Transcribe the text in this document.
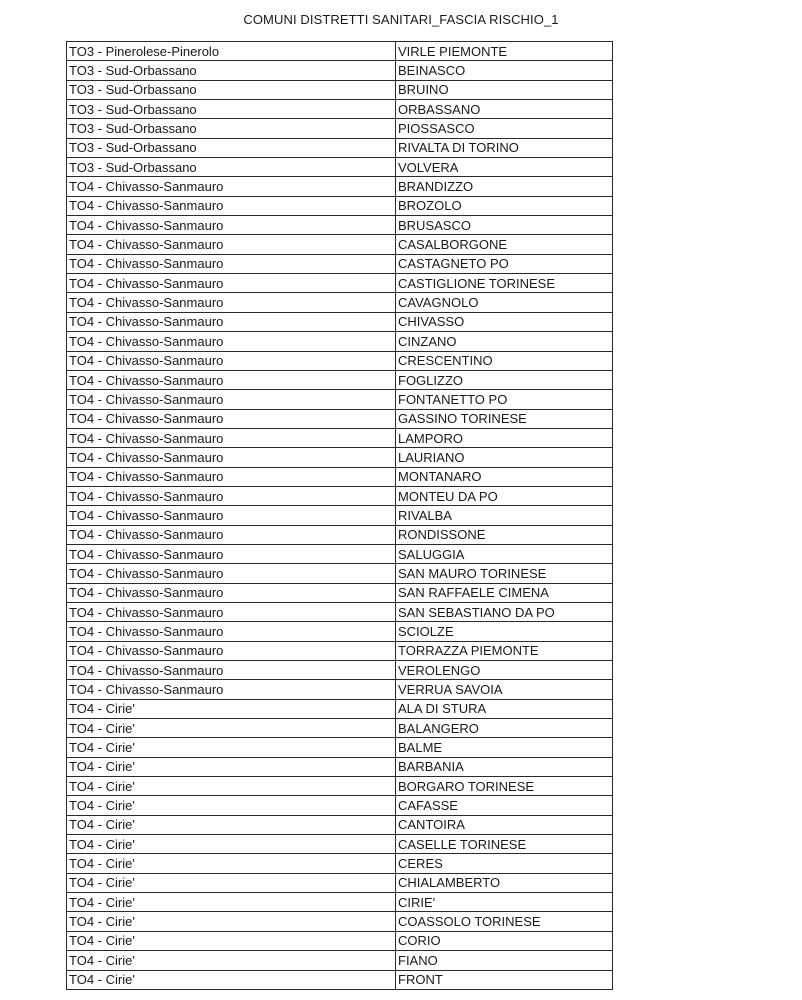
COMUNI DISTRETTI SANITARI_FASCIA RISCHIO_1
TO3 - Pinerolese-Pinerolo	VIRLE PIEMONTE
TO3 - Sud-Orbassano	BEINASCO
TO3 - Sud-Orbassano	BRUINO
TO3 - Sud-Orbassano	ORBASSANO
TO3 - Sud-Orbassano	PIOSSASCO
TO3 - Sud-Orbassano	RIVALTA DI TORINO
TO3 - Sud-Orbassano	VOLVERA
TO4 - Chivasso-Sanmauro	BRANDIZZO
TO4 - Chivasso-Sanmauro	BROZOLO
TO4 - Chivasso-Sanmauro	BRUSASCO
TO4 - Chivasso-Sanmauro	CASALBORGONE
TO4 - Chivasso-Sanmauro	CASTAGNETO PO
TO4 - Chivasso-Sanmauro	CASTIGLIONE TORINESE
TO4 - Chivasso-Sanmauro	CAVAGNOLO
TO4 - Chivasso-Sanmauro	CHIVASSO
TO4 - Chivasso-Sanmauro	CINZANO
TO4 - Chivasso-Sanmauro	CRESCENTINO
TO4 - Chivasso-Sanmauro	FOGLIZZO
TO4 - Chivasso-Sanmauro	FONTANETTO PO
TO4 - Chivasso-Sanmauro	GASSINO TORINESE
TO4 - Chivasso-Sanmauro	LAMPORO
TO4 - Chivasso-Sanmauro	LAURIANO
TO4 - Chivasso-Sanmauro	MONTANARO
TO4 - Chivasso-Sanmauro	MONTEU DA PO
TO4 - Chivasso-Sanmauro	RIVALBA
TO4 - Chivasso-Sanmauro	RONDISSONE
TO4 - Chivasso-Sanmauro	SALUGGIA
TO4 - Chivasso-Sanmauro	SAN MAURO TORINESE
TO4 - Chivasso-Sanmauro	SAN RAFFAELE CIMENA
TO4 - Chivasso-Sanmauro	SAN SEBASTIANO DA PO
TO4 - Chivasso-Sanmauro	SCIOLZE
TO4 - Chivasso-Sanmauro	TORRAZZA PIEMONTE
TO4 - Chivasso-Sanmauro	VEROLENGO
TO4 - Chivasso-Sanmauro	VERRUA SAVOIA
TO4 - Cirie'	ALA DI STURA
TO4 - Cirie'	BALANGERO
TO4 - Cirie'	BALME
TO4 - Cirie'	BARBANIA
TO4 - Cirie'	BORGARO TORINESE
TO4 - Cirie'	CAFASSE
TO4 - Cirie'	CANTOIRA
TO4 - Cirie'	CASELLE TORINESE
TO4 - Cirie'	CERES
TO4 - Cirie'	CHIALAMBERTO
TO4 - Cirie'	CIRIE'
TO4 - Cirie'	COASSOLO TORINESE
TO4 - Cirie'	CORIO
TO4 - Cirie'	FIANO
TO4 - Cirie'	FRONT
